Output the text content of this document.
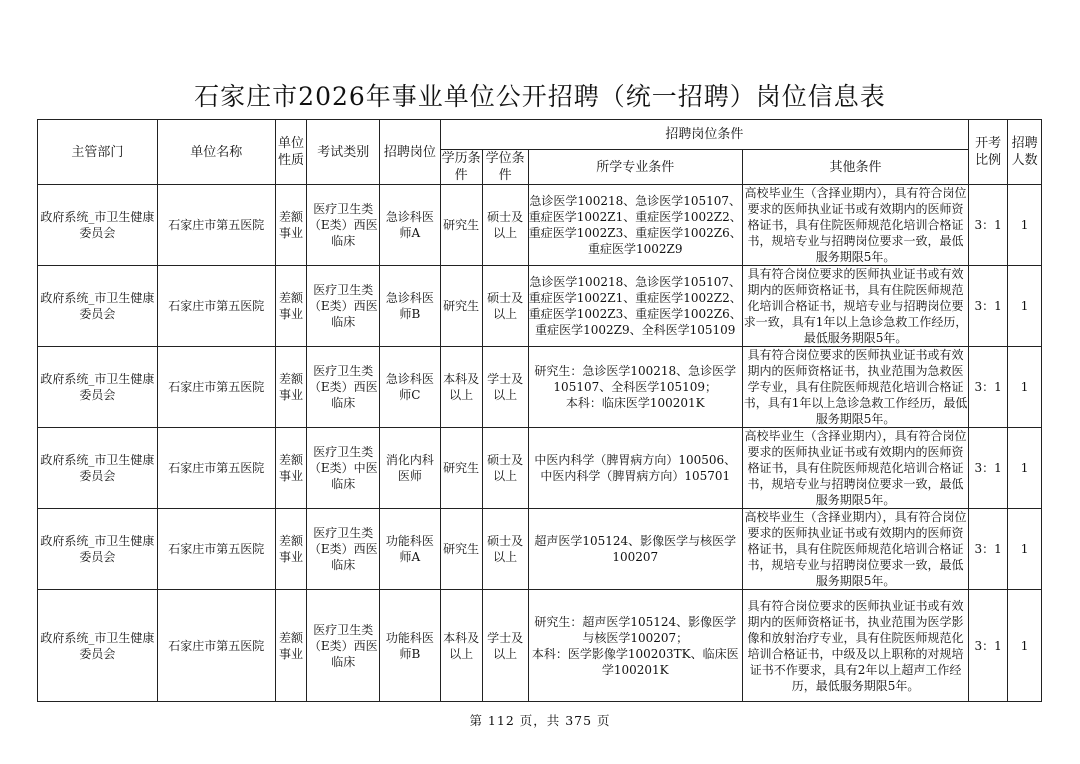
石家庄市2026年事业单位公开招聘（统一招聘）岗位信息表
主管部门	单位名称	单位性质	考试类别	招聘岗位	招聘岗位条件				开考比例	招聘人数
					学历条件	学位条件	所学专业条件	其他条件		
政府系统_市卫生健康委员会	石家庄市第五医院	差额事业	医疗卫生类（E类）西医临床	急诊科医师A	研究生	硕士及以上	急诊医学100218、急诊医学105107、重症医学1002Z1、重症医学1002Z2、重症医学1002Z3、重症医学1002Z6、重症医学1002Z9	高校毕业生（含择业期内），具有符合岗位要求的医师执业证书或有效期内的医师资格证书，具有住院医师规范化培训合格证书，规培专业与招聘岗位要求一致，最低服务期限5年。	3：1	1
政府系统_市卫生健康委员会	石家庄市第五医院	差额事业	医疗卫生类（E类）西医临床	急诊科医师B	研究生	硕士及以上	急诊医学100218、急诊医学105107、重症医学1002Z1、重症医学1002Z2、重症医学1002Z3、重症医学1002Z6、重症医学1002Z9、全科医学105109	具有符合岗位要求的医师执业证书或有效期内的医师资格证书，具有住院医师规范化培训合格证书，规培专业与招聘岗位要求一致，具有1年以上急诊急救工作经历，最低服务期限5年。	3：1	1
政府系统_市卫生健康委员会	石家庄市第五医院	差额事业	医疗卫生类（E类）西医临床	急诊科医师C	本科及以上	学士及以上	研究生：急诊医学100218、急诊医学105107、全科医学105109；
本科：临床医学100201K	具有符合岗位要求的医师执业证书或有效期内的医师资格证书，执业范围为急救医学专业，具有住院医师规范化培训合格证书，具有1年以上急诊急救工作经历，最低服务期限5年。	3：1	1
政府系统_市卫生健康委员会	石家庄市第五医院	差额事业	医疗卫生类（E类）中医临床	消化内科医师	研究生	硕士及以上	中医内科学（脾胃病方向）100506、中医内科学（脾胃病方向）105701	高校毕业生（含择业期内），具有符合岗位要求的医师执业证书或有效期内的医师资格证书，具有住院医师规范化培训合格证书，规培专业与招聘岗位要求一致，最低服务期限5年。	3：1	1
政府系统_市卫生健康委员会	石家庄市第五医院	差额事业	医疗卫生类（E类）西医临床	功能科医师A	研究生	硕士及以上	超声医学105124、影像医学与核医学100207	高校毕业生（含择业期内），具有符合岗位要求的医师执业证书或有效期内的医师资格证书，具有住院医师规范化培训合格证书，规培专业与招聘岗位要求一致，最低服务期限5年。	3：1	1
政府系统_市卫生健康委员会	石家庄市第五医院	差额事业	医疗卫生类（E类）西医临床	功能科医师B	本科及以上	学士及以上	研究生：超声医学105124、影像医学与核医学100207；
本科：医学影像学100203TK、临床医学100201K	具有符合岗位要求的医师执业证书或有效期内的医师资格证书，执业范围为医学影像和放射治疗专业，具有住院医师规范化培训合格证书，中级及以上职称的对规培证书不作要求，具有2年以上超声工作经历，最低服务期限5年。	3：1	1
第 112 页，共 375 页
